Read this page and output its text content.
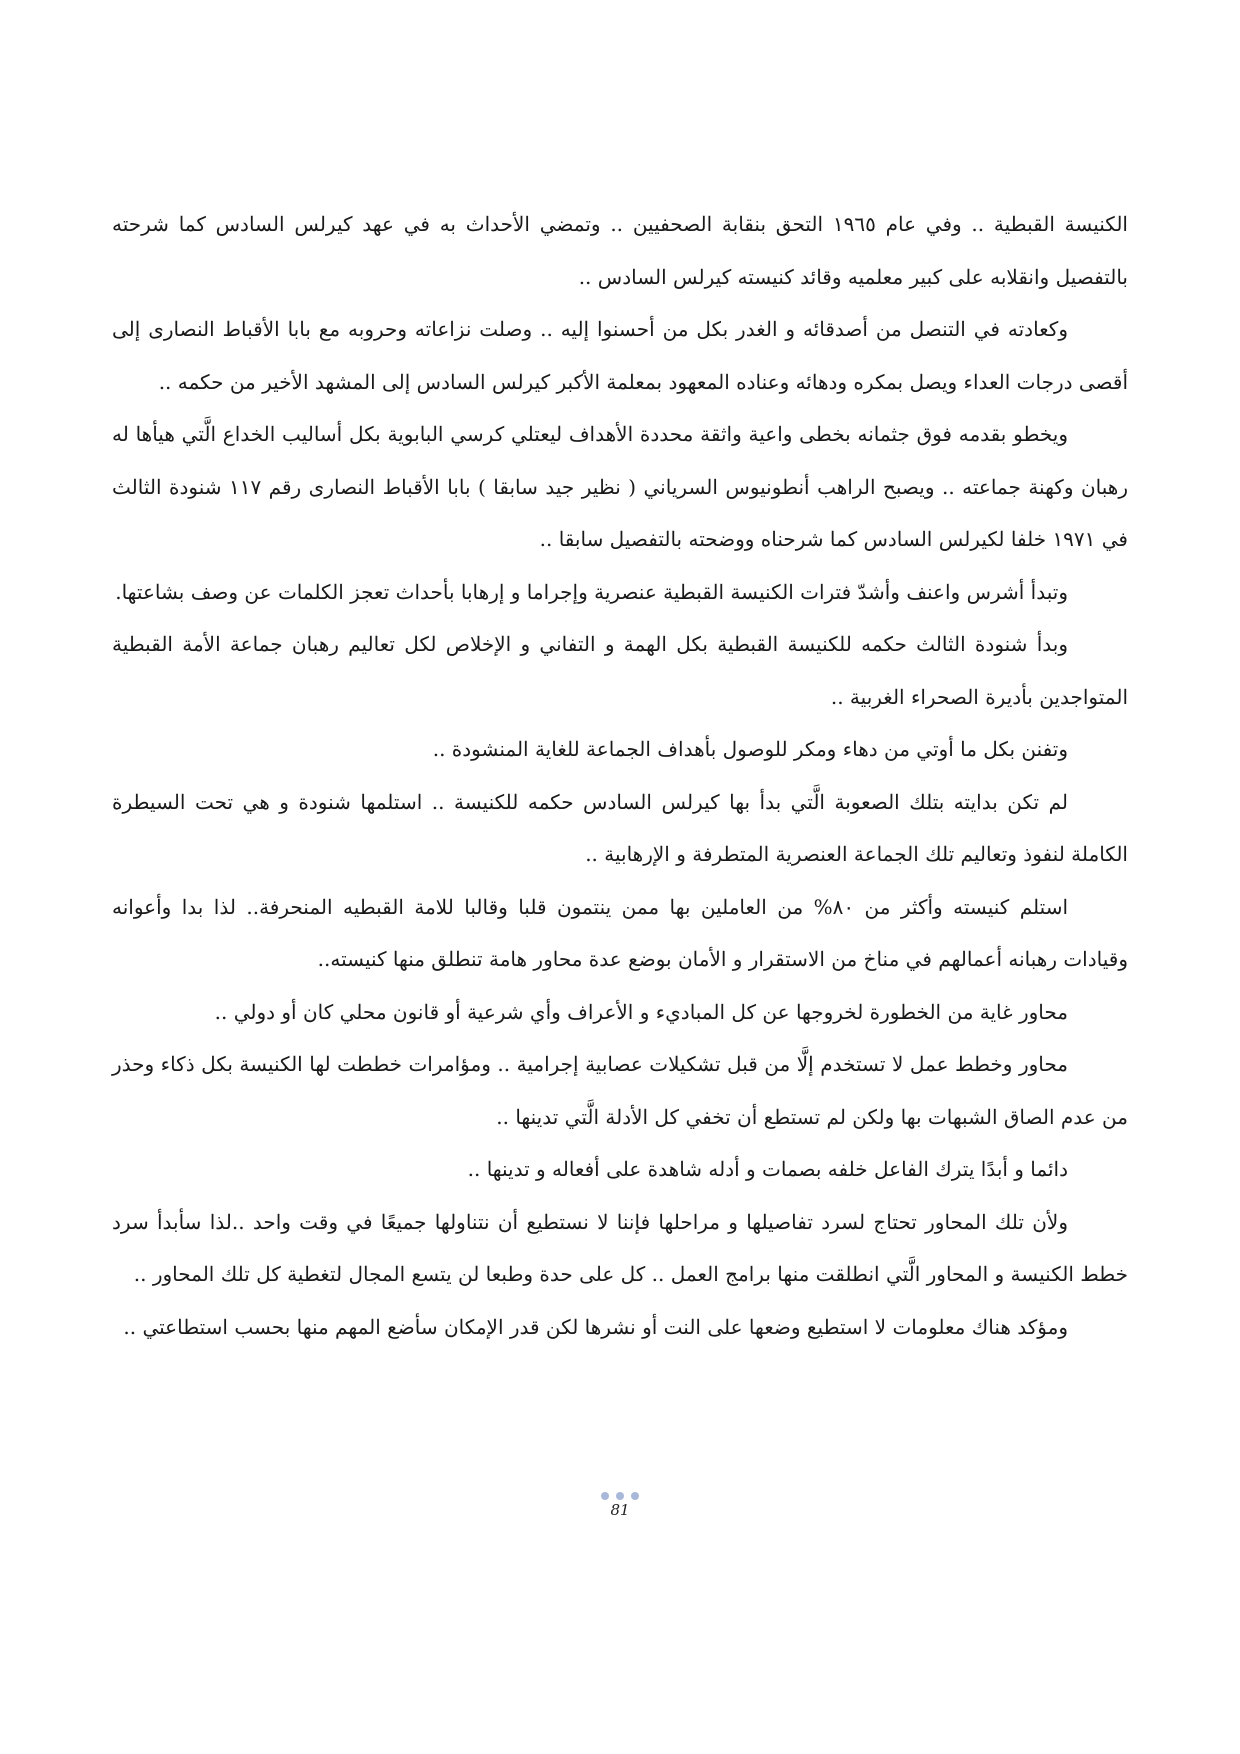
الكنيسة القبطية .. وفي عام ١٩٦٥ التحق بنقابة الصحفيين .. وتمضي الأحداث به في عهد كيرلس السادس كما شرحته بالتفصيل وانقلابه على كبير معلميه وقائد كنيسته كيرلس السادس ..

وكعادته في التنصل من أصدقائه و الغدر بكل من أحسنوا إليه .. وصلت نزاعاته وحروبه مع بابا الأقباط النصارى إلى أقصى درجات العداء ويصل بمكره ودهائه وعناده المعهود بمعلمة الأكبر كيرلس السادس إلى المشهد الأخير من حكمه ..

ويخطو بقدمه فوق جثمانه بخطى واعية واثقة محددة الأهداف ليعتلي كرسي البابوية بكل أساليب الخداع الَّتي هيأها له رهبان وكهنة جماعته .. ويصبح الراهب أنطونيوس السرياني ( نظير جيد سابقا ) بابا الأقباط النصارى رقم ١١٧ شنودة الثالث في ١٩٧١ خلفا لكيرلس السادس كما شرحناه ووضحته بالتفصيل سابقا ..

وتبدأ أشرس واعنف وأشدّ فترات الكنيسة القبطية عنصرية وإجراما و إرهابا بأحداث تعجز الكلمات عن وصف بشاعتها.

وبدأ شنودة الثالث حكمه للكنيسة القبطية بكل الهمة و التفاني و الإخلاص لكل تعاليم رهبان جماعة الأمة القبطية المتواجدين بأديرة الصحراء الغربية ..

وتفنن بكل ما أوتي من دهاء ومكر للوصول بأهداف الجماعة للغاية المنشودة ..

لم تكن بدايته بتلك الصعوبة الَّتي بدأ بها كيرلس السادس حكمه للكنيسة .. استلمها شنودة و هي تحت السيطرة الكاملة لنفوذ وتعاليم تلك الجماعة العنصرية المتطرفة و الإرهابية ..

استلم كنيسته وأكثر من ٨٠% من العاملين بها ممن ينتمون قلبا وقالبا للامة القبطيه المنحرفة.. لذا بدا وأعوانه وقيادات رهبانه أعمالهم في مناخ من الاستقرار و الأمان بوضع عدة محاور هامة تنطلق منها كنيسته..

محاور غاية من الخطورة لخروجها عن كل المباديء و الأعراف وأي شرعية أو قانون محلي كان أو دولي ..

محاور وخطط عمل لا تستخدم إلَّا من قبل تشكيلات عصابية إجرامية .. ومؤامرات خططت لها الكنيسة بكل ذكاء وحذر من عدم الصاق الشبهات بها ولكن لم تستطع أن تخفي كل الأدلة الَّتي تدينها ..

دائما و أبدًا يترك الفاعل خلفه بصمات و أدله شاهدة على أفعاله و تدينها ..

ولأن تلك المحاور تحتاج لسرد تفاصيلها و مراحلها فإننا لا نستطيع أن نتناولها جميعًا في وقت واحد ..لذا سأبدأ سرد خطط الكنيسة و المحاور الَّتي انطلقت منها برامج العمل .. كل على حدة وطبعا لن يتسع المجال لتغطية كل تلك المحاور ..

ومؤكد هناك معلومات لا استطيع وضعها على النت أو نشرها لكن قدر الإمكان سأضع المهم منها بحسب استطاعتي ..

81
